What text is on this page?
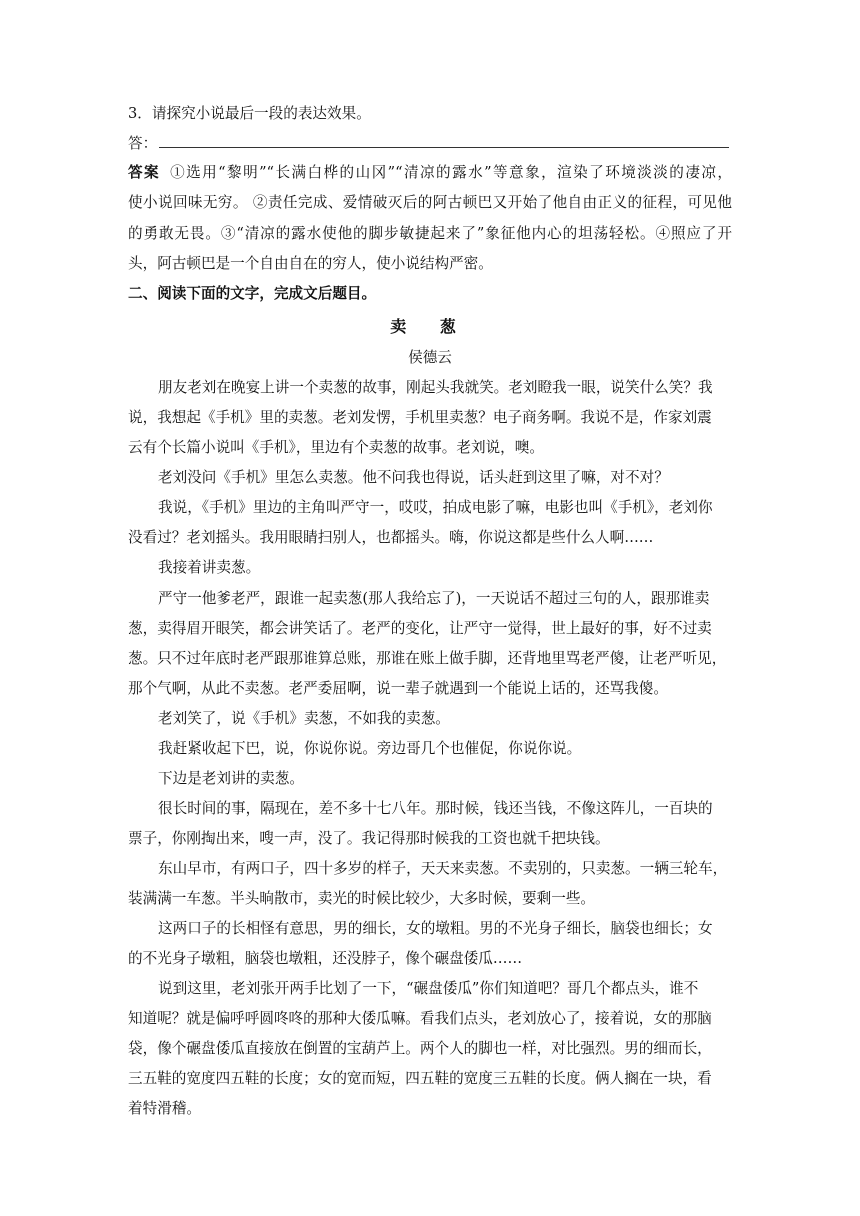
3．请探究小说最后一段的表达效果。
答：
答案 ①选用“黎明”“长满白桦的山冈”“清凉的露水”等意象，渲染了环境淡淡的凄凉，
使小说回味无穷。 ②责任完成、爱情破灭后的阿古顿巴又开始了他自由正义的征程，可见他
的勇敢无畏。③“清凉的露水使他的脚步敏捷起来了”象征他内心的坦荡轻松。④照应了开
头，阿古顿巴是一个自由自在的穷人，使小说结构严密。
二、阅读下面的文字，完成文后题目。
卖 葱
侯德云
朋友老刘在晚宴上讲一个卖葱的故事，刚起头我就笑。老刘瞪我一眼，说笑什么笑？我
说，我想起《手机》里的卖葱。老刘发愣，手机里卖葱？电子商务啊。我说不是，作家刘震
云有个长篇小说叫《手机》，里边有个卖葱的故事。老刘说，噢。
老刘没问《手机》里怎么卖葱。他不问我也得说，话头赶到这里了嘛，对不对？
我说，《手机》里边的主角叫严守一，哎哎，拍成电影了嘛，电影也叫《手机》，老刘你
没看过？老刘摇头。我用眼睛扫别人，也都摇头。嗨，你说这都是些什么人啊……
我接着讲卖葱。
严守一他爹老严，跟谁一起卖葱(那人我给忘了)，一天说话不超过三句的人，跟那谁卖
葱，卖得眉开眼笑，都会讲笑话了。老严的变化，让严守一觉得，世上最好的事，好不过卖
葱。只不过年底时老严跟那谁算总账，那谁在账上做手脚，还背地里骂老严傻，让老严听见，
那个气啊，从此不卖葱。老严委屈啊，说一辈子就遇到一个能说上话的，还骂我傻。
老刘笑了，说《手机》卖葱，不如我的卖葱。
我赶紧收起下巴，说，你说你说。旁边哥几个也催促，你说你说。
下边是老刘讲的卖葱。
很长时间的事，隔现在，差不多十七八年。那时候，钱还当钱，不像这阵儿，一百块的
票子，你刚掏出来，嗖一声，没了。我记得那时候我的工资也就千把块钱。
东山早市，有两口子，四十多岁的样子，天天来卖葱。不卖别的，只卖葱。一辆三轮车，
装满满一车葱。半头晌散市，卖光的时候比较少，大多时候，要剩一些。
这两口子的长相怪有意思，男的细长，女的墩粗。男的不光身子细长，脑袋也细长；女
的不光身子墩粗，脑袋也墩粗，还没脖子，像个碾盘倭瓜……
说到这里，老刘张开两手比划了一下，“碾盘倭瓜”你们知道吧？哥几个都点头，谁不
知道呢？就是偏呼呼圆咚咚的那种大倭瓜嘛。看我们点头，老刘放心了，接着说，女的那脑
袋，像个碾盘倭瓜直接放在倒置的宝葫芦上。两个人的脚也一样，对比强烈。男的细而长，
三五鞋的宽度四五鞋的长度；女的宽而短，四五鞋的宽度三五鞋的长度。俩人搁在一块，看
着特滑稽。
